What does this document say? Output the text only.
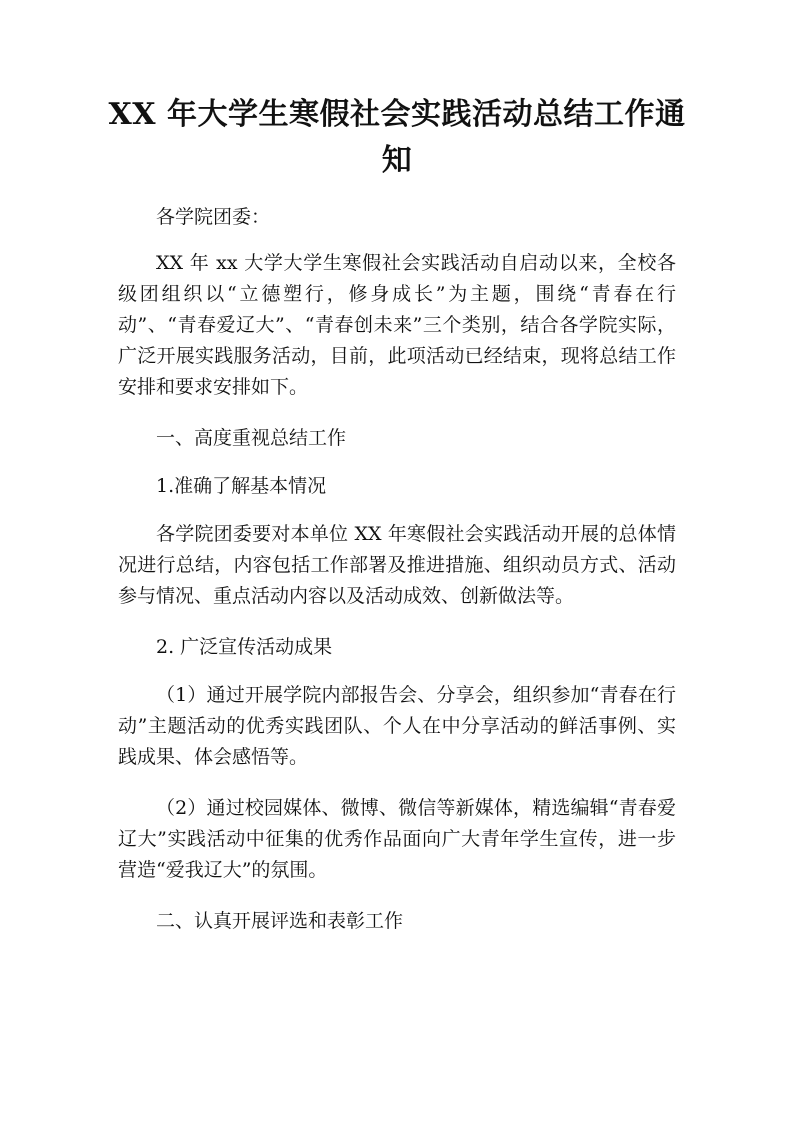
XX 年大学生寒假社会实践活动总结工作通知

各学院团委：

XX 年 xx 大学大学生寒假社会实践活动自启动以来，全校各级团组织以“立德塑行，修身成长”为主题，围绕“青春在行动”、“青春爱辽大”、“青春创未来”三个类别，结合各学院实际，广泛开展实践服务活动，目前，此项活动已经结束，现将总结工作安排和要求安排如下。

一、高度重视总结工作

1.准确了解基本情况

各学院团委要对本单位 XX 年寒假社会实践活动开展的总体情况进行总结，内容包括工作部署及推进措施、组织动员方式、活动参与情况、重点活动内容以及活动成效、创新做法等。

2. 广泛宣传活动成果

（1）通过开展学院内部报告会、分享会，组织参加“青春在行动”主题活动的优秀实践团队、个人在中分享活动的鲜活事例、实践成果、体会感悟等。

（2）通过校园媒体、微博、微信等新媒体，精选编辑“青春爱辽大”实践活动中征集的优秀作品面向广大青年学生宣传，进一步营造“爱我辽大”的氛围。

二、认真开展评选和表彰工作
